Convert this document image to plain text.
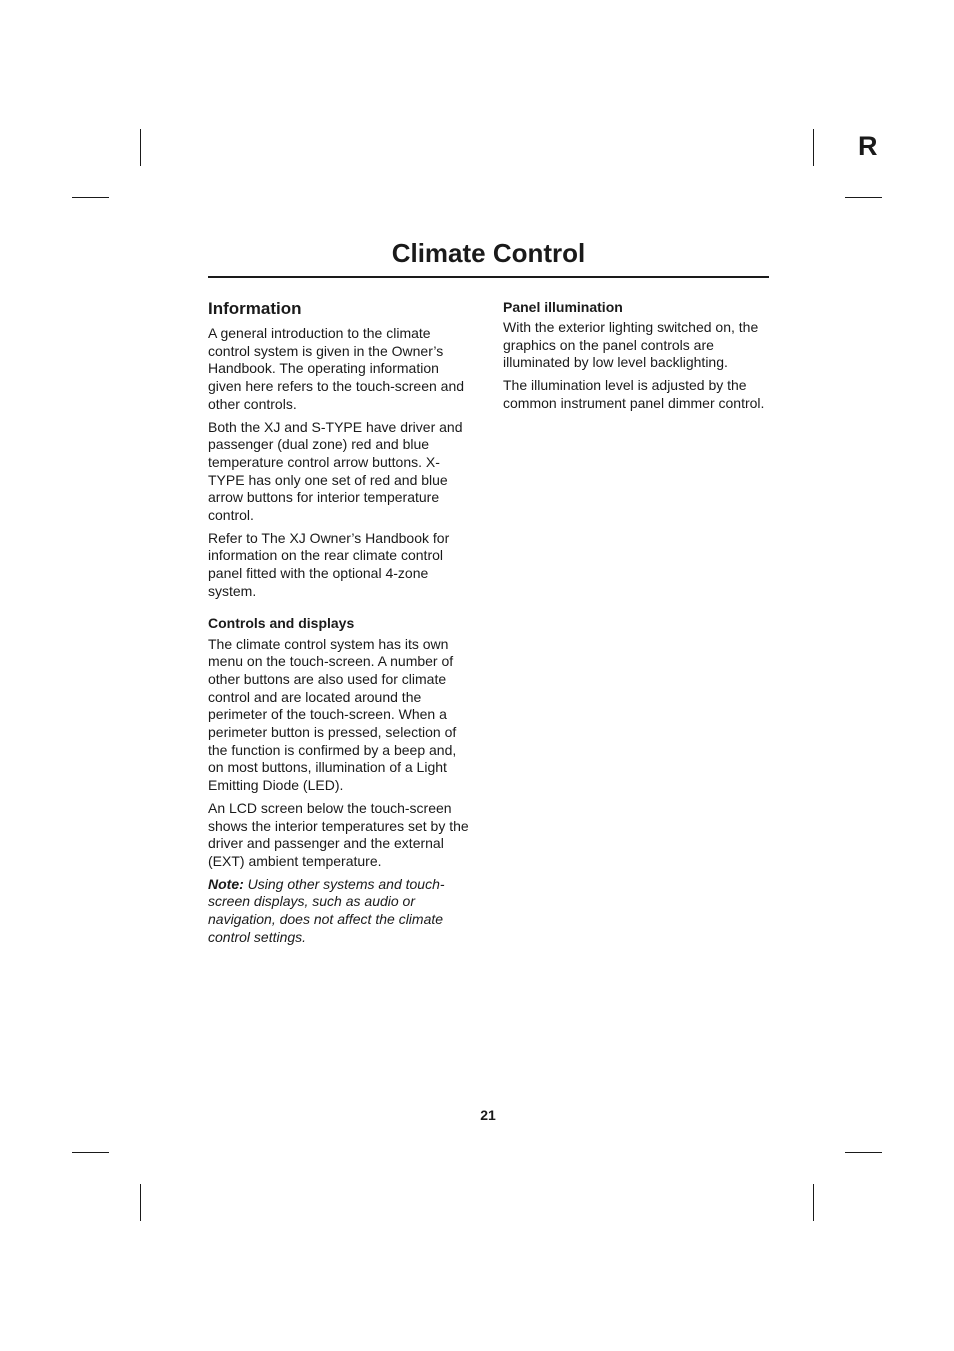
R
Climate Control
Information

A general introduction to the climate control system is given in the Owner’s Handbook. The operating information given here refers to the touch-screen and other controls.

Both the XJ and S-TYPE have driver and passenger (dual zone) red and blue temperature control arrow buttons. X-TYPE has only one set of red and blue arrow buttons for interior temperature control.

Refer to The XJ Owner’s Handbook for information on the rear climate control panel fitted with the optional 4-zone system.

Controls and displays

The climate control system has its own menu on the touch-screen. A number of other buttons are also used for climate control and are located around the perimeter of the touch-screen. When a perimeter button is pressed, selection of the function is confirmed by a beep and, on most buttons, illumination of a Light Emitting Diode (LED).

An LCD screen below the touch-screen shows the interior temperatures set by the driver and passenger and the external (EXT) ambient temperature.

Note: Using other systems and touch-screen displays, such as audio or navigation, does not affect the climate control settings.

Panel illumination

With the exterior lighting switched on, the graphics on the panel controls are illuminated by low level backlighting.

The illumination level is adjusted by the common instrument panel dimmer control.

21
